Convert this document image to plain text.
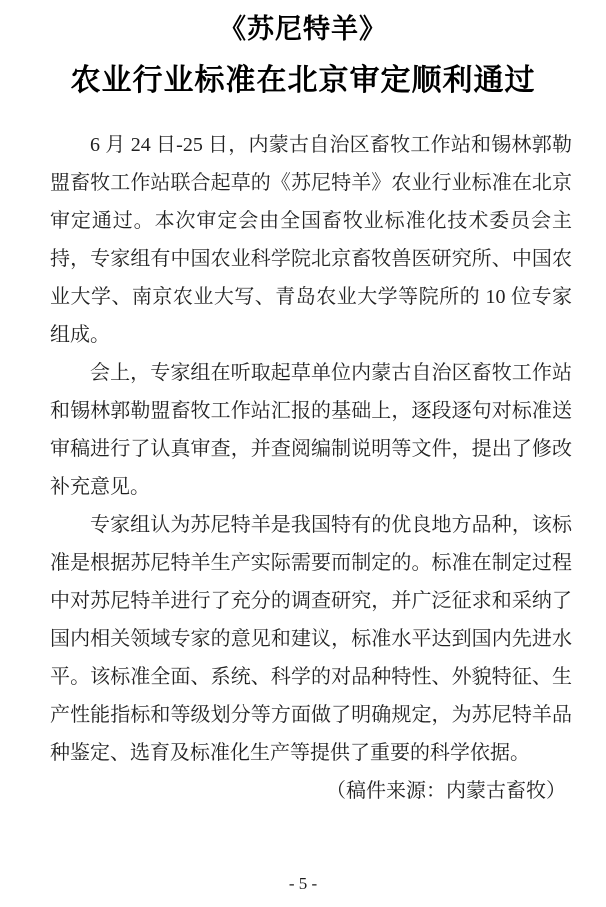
《苏尼特羊》
农业行业标准在北京审定顺利通过

6 月 24 日-25 日，内蒙古自治区畜牧工作站和锡林郭勒盟畜牧工作站联合起草的《苏尼特羊》农业行业标准在北京审定通过。本次审定会由全国畜牧业标准化技术委员会主持，专家组有中国农业科学院北京畜牧兽医研究所、中国农业大学、南京农业大写、青岛农业大学等院所的 10 位专家组成。

会上，专家组在听取起草单位内蒙古自治区畜牧工作站和锡林郭勒盟畜牧工作站汇报的基础上，逐段逐句对标准送审稿进行了认真审查，并查阅编制说明等文件，提出了修改补充意见。

专家组认为苏尼特羊是我国特有的优良地方品种，该标准是根据苏尼特羊生产实际需要而制定的。标准在制定过程中对苏尼特羊进行了充分的调查研究，并广泛征求和采纳了国内相关领域专家的意见和建议，标准水平达到国内先进水平。该标准全面、系统、科学的对品种特性、外貌特征、生产性能指标和等级划分等方面做了明确规定，为苏尼特羊品种鉴定、选育及标准化生产等提供了重要的科学依据。

（稿件来源：内蒙古畜牧）

- 5 -
